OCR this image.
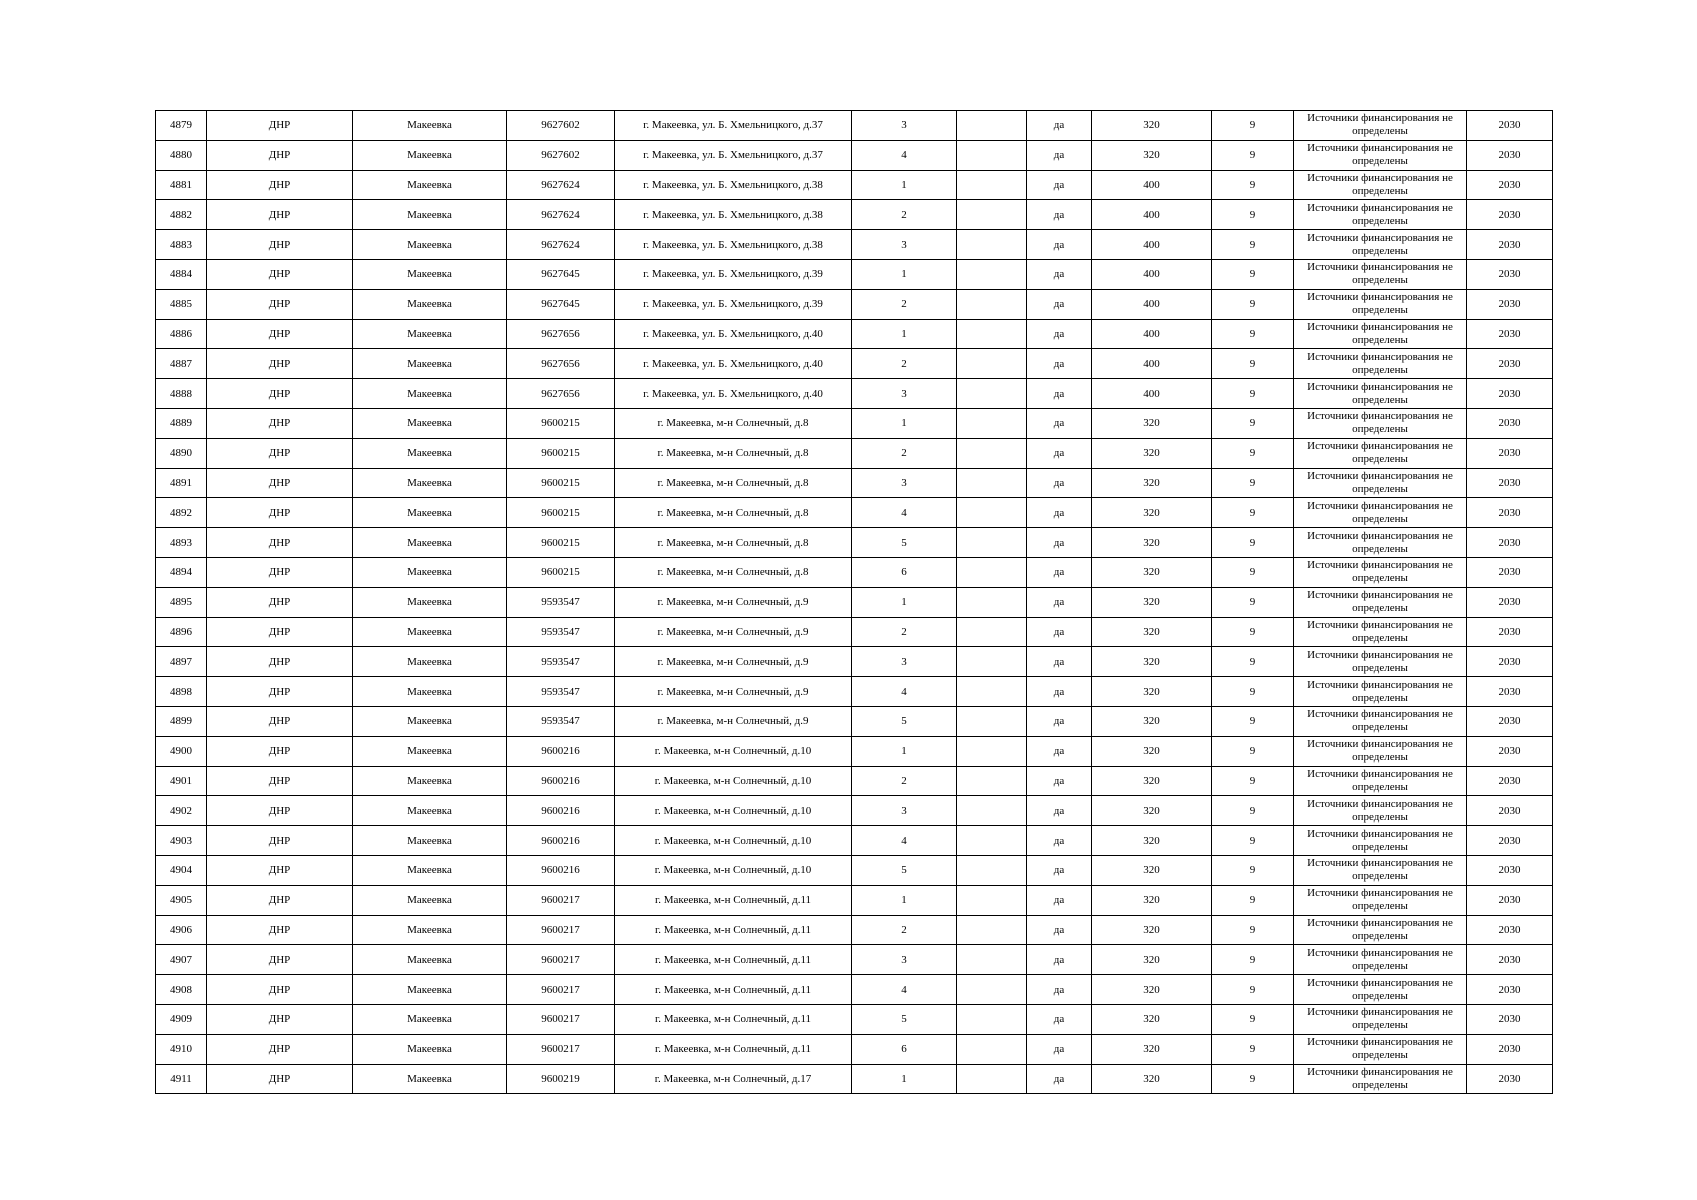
4879	ДНР	Макеевка	9627602	г. Макеевка, ул. Б. Хмельницкого, д.37	3		да	320	9	Источники финансирования не определены	2030
4880	ДНР	Макеевка	9627602	г. Макеевка, ул. Б. Хмельницкого, д.37	4		да	320	9	Источники финансирования не определены	2030
4881	ДНР	Макеевка	9627624	г. Макеевка, ул. Б. Хмельницкого, д.38	1		да	400	9	Источники финансирования не определены	2030
4882	ДНР	Макеевка	9627624	г. Макеевка, ул. Б. Хмельницкого, д.38	2		да	400	9	Источники финансирования не определены	2030
4883	ДНР	Макеевка	9627624	г. Макеевка, ул. Б. Хмельницкого, д.38	3		да	400	9	Источники финансирования не определены	2030
4884	ДНР	Макеевка	9627645	г. Макеевка, ул. Б. Хмельницкого, д.39	1		да	400	9	Источники финансирования не определены	2030
4885	ДНР	Макеевка	9627645	г. Макеевка, ул. Б. Хмельницкого, д.39	2		да	400	9	Источники финансирования не определены	2030
4886	ДНР	Макеевка	9627656	г. Макеевка, ул. Б. Хмельницкого, д.40	1		да	400	9	Источники финансирования не определены	2030
4887	ДНР	Макеевка	9627656	г. Макеевка, ул. Б. Хмельницкого, д.40	2		да	400	9	Источники финансирования не определены	2030
4888	ДНР	Макеевка	9627656	г. Макеевка, ул. Б. Хмельницкого, д.40	3		да	400	9	Источники финансирования не определены	2030
4889	ДНР	Макеевка	9600215	г. Макеевка, м-н Солнечный, д.8	1		да	320	9	Источники финансирования не определены	2030
4890	ДНР	Макеевка	9600215	г. Макеевка, м-н Солнечный, д.8	2		да	320	9	Источники финансирования не определены	2030
4891	ДНР	Макеевка	9600215	г. Макеевка, м-н Солнечный, д.8	3		да	320	9	Источники финансирования не определены	2030
4892	ДНР	Макеевка	9600215	г. Макеевка, м-н Солнечный, д.8	4		да	320	9	Источники финансирования не определены	2030
4893	ДНР	Макеевка	9600215	г. Макеевка, м-н Солнечный, д.8	5		да	320	9	Источники финансирования не определены	2030
4894	ДНР	Макеевка	9600215	г. Макеевка, м-н Солнечный, д.8	6		да	320	9	Источники финансирования не определены	2030
4895	ДНР	Макеевка	9593547	г. Макеевка, м-н Солнечный, д.9	1		да	320	9	Источники финансирования не определены	2030
4896	ДНР	Макеевка	9593547	г. Макеевка, м-н Солнечный, д.9	2		да	320	9	Источники финансирования не определены	2030
4897	ДНР	Макеевка	9593547	г. Макеевка, м-н Солнечный, д.9	3		да	320	9	Источники финансирования не определены	2030
4898	ДНР	Макеевка	9593547	г. Макеевка, м-н Солнечный, д.9	4		да	320	9	Источники финансирования не определены	2030
4899	ДНР	Макеевка	9593547	г. Макеевка, м-н Солнечный, д.9	5		да	320	9	Источники финансирования не определены	2030
4900	ДНР	Макеевка	9600216	г. Макеевка, м-н Солнечный, д.10	1		да	320	9	Источники финансирования не определены	2030
4901	ДНР	Макеевка	9600216	г. Макеевка, м-н Солнечный, д.10	2		да	320	9	Источники финансирования не определены	2030
4902	ДНР	Макеевка	9600216	г. Макеевка, м-н Солнечный, д.10	3		да	320	9	Источники финансирования не определены	2030
4903	ДНР	Макеевка	9600216	г. Макеевка, м-н Солнечный, д.10	4		да	320	9	Источники финансирования не определены	2030
4904	ДНР	Макеевка	9600216	г. Макеевка, м-н Солнечный, д.10	5		да	320	9	Источники финансирования не определены	2030
4905	ДНР	Макеевка	9600217	г. Макеевка, м-н Солнечный, д.11	1		да	320	9	Источники финансирования не определены	2030
4906	ДНР	Макеевка	9600217	г. Макеевка, м-н Солнечный, д.11	2		да	320	9	Источники финансирования не определены	2030
4907	ДНР	Макеевка	9600217	г. Макеевка, м-н Солнечный, д.11	3		да	320	9	Источники финансирования не определены	2030
4908	ДНР	Макеевка	9600217	г. Макеевка, м-н Солнечный, д.11	4		да	320	9	Источники финансирования не определены	2030
4909	ДНР	Макеевка	9600217	г. Макеевка, м-н Солнечный, д.11	5		да	320	9	Источники финансирования не определены	2030
4910	ДНР	Макеевка	9600217	г. Макеевка, м-н Солнечный, д.11	6		да	320	9	Источники финансирования не определены	2030
4911	ДНР	Макеевка	9600219	г. Макеевка, м-н Солнечный, д.17	1		да	320	9	Источники финансирования не определены	2030
